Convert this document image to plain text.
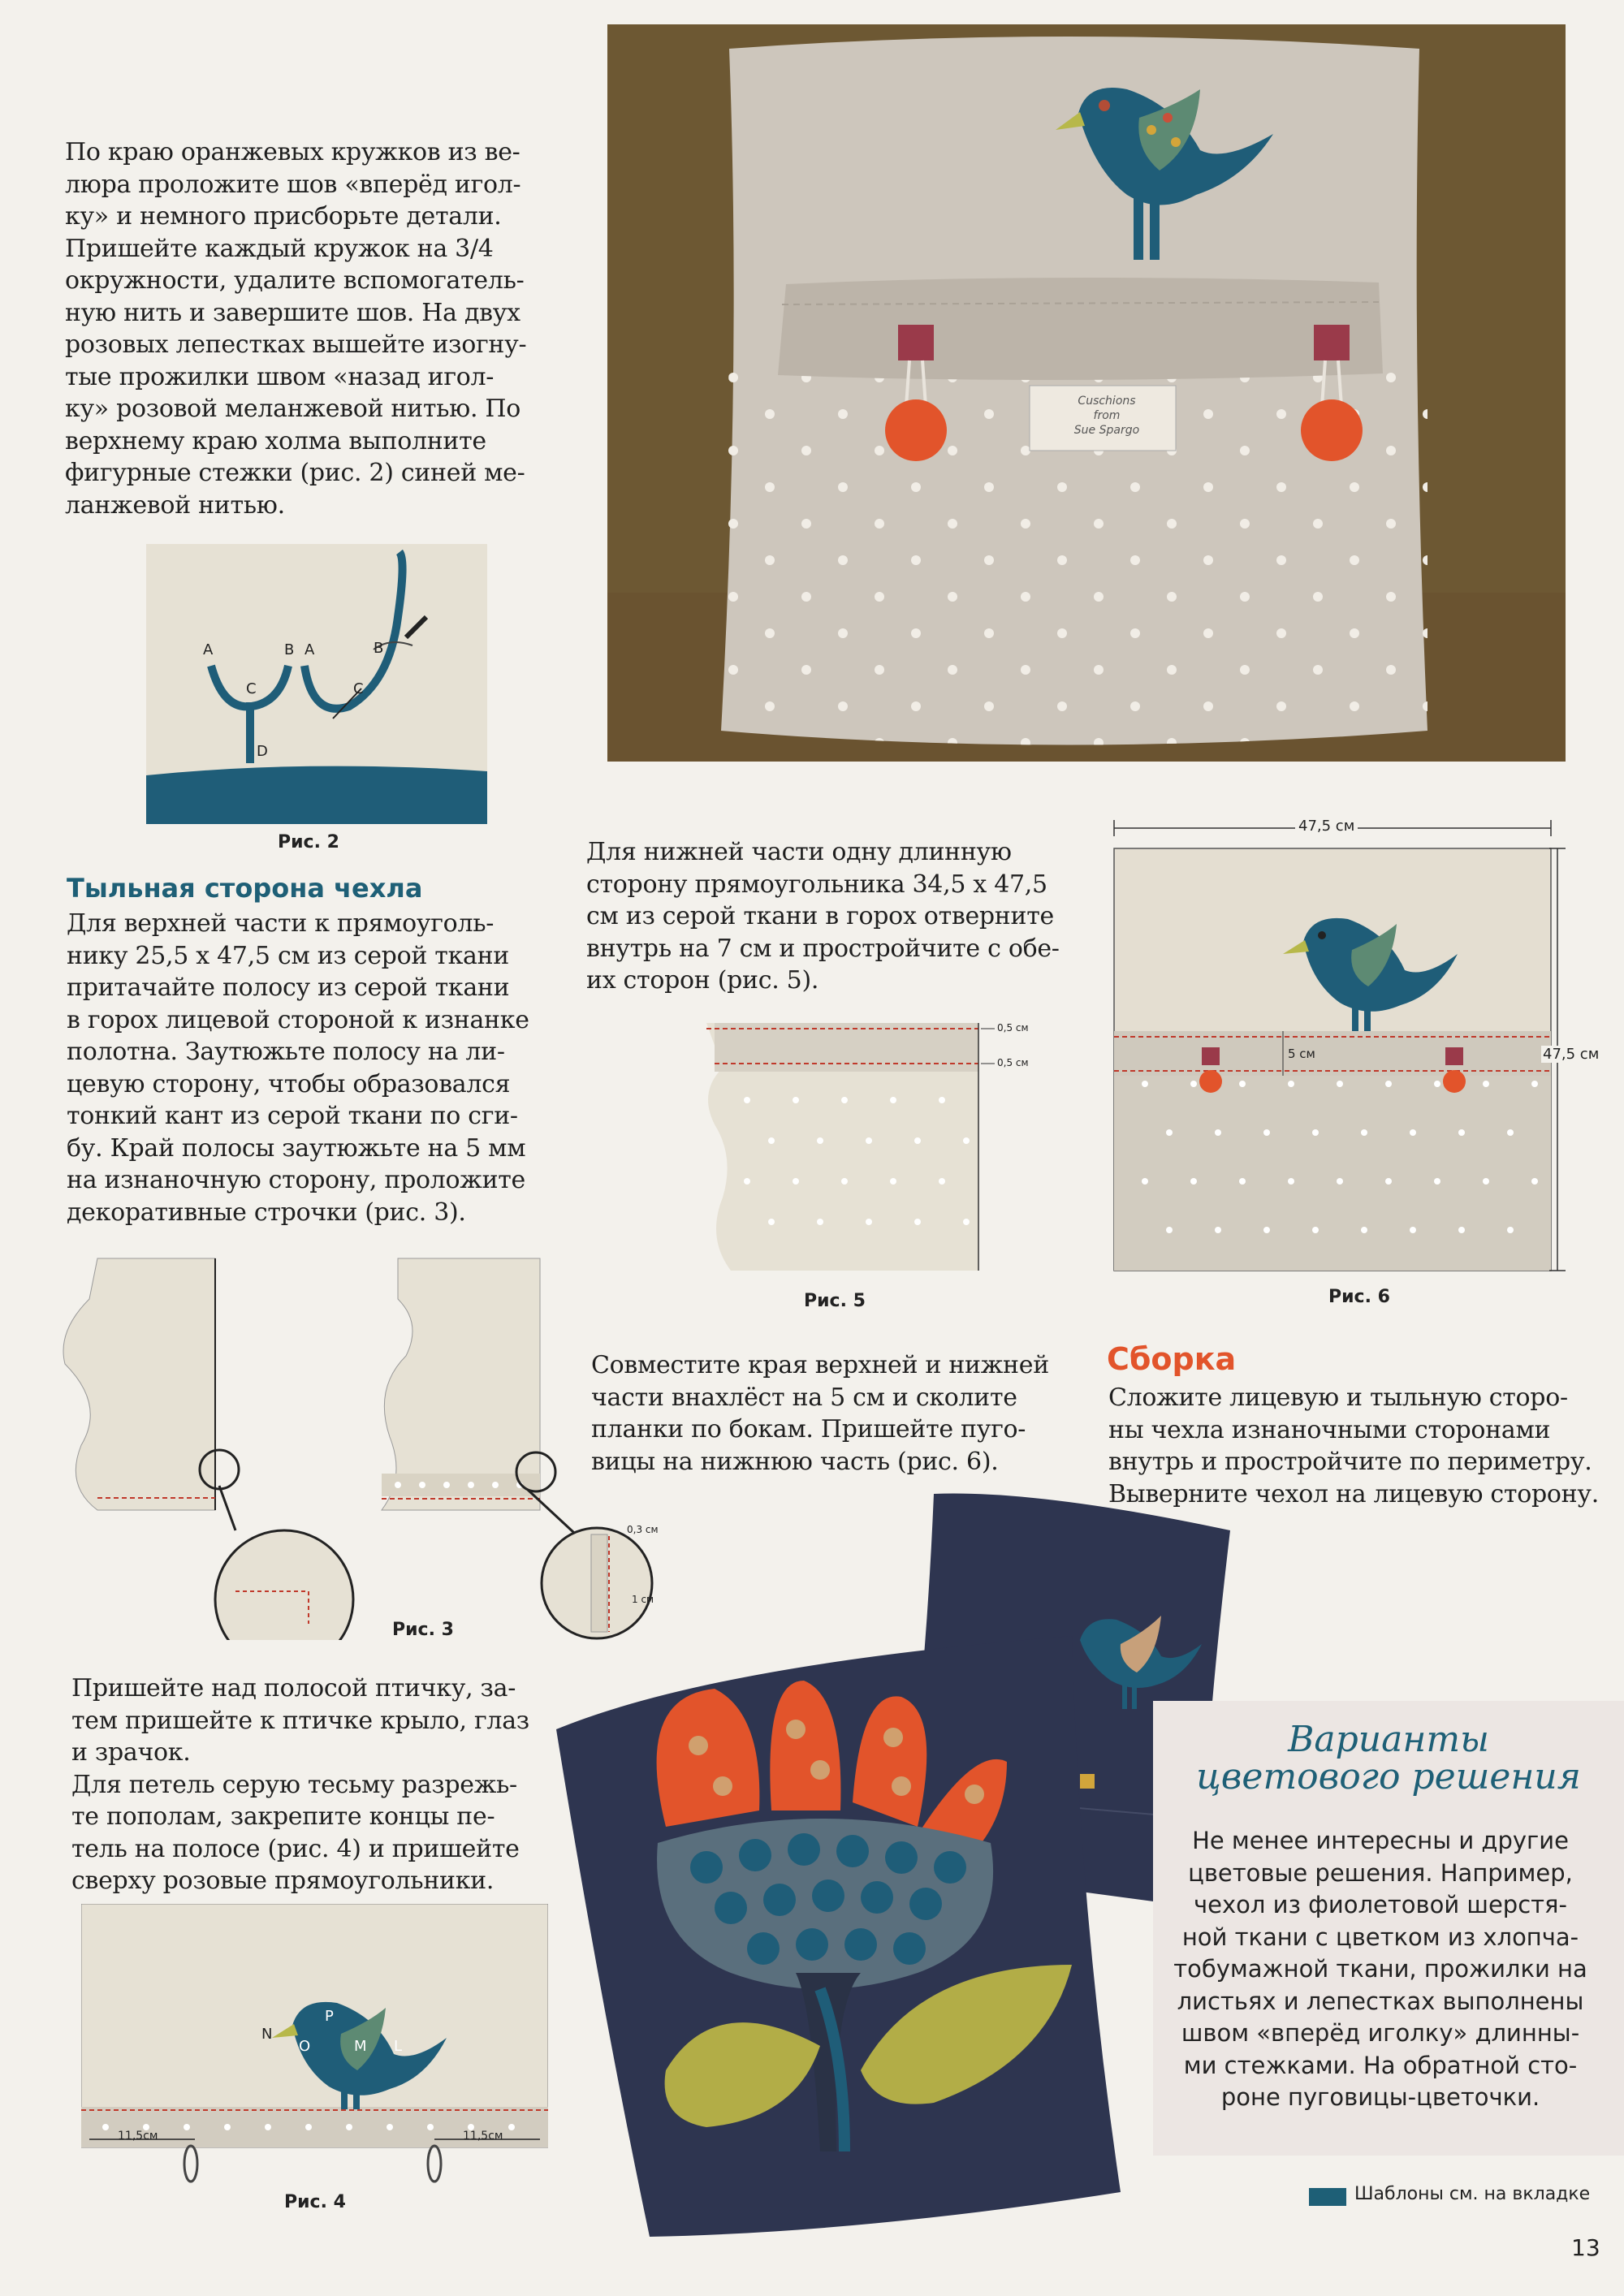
Cuschions
from
Sue Spargo
По краю оранжевых кружков из ве-
люра проложите шов «вперёд игол-
ку» и немного присборьте детали.
Пришейте каждый кружок на 3/4
окружности, удалите вспомогатель-
ную нить и завершите шов. На двух
розовых лепестках вышейте изогну-
тые прожилки швом «назад игол-
ку» розовой меланжевой нитью. По
верхнему краю холма выполните
фигурные стежки (рис. 2) синей ме-
ланжевой нитью.
A	B A	B
C	C
D
Рис. 2
Тыльная сторона чехла
Для верхней части к прямоуголь-
нику 25,5 х 47,5 см из серой ткани
притачайте полосу из серой ткани
в горох лицевой стороной к изнанке
полотна. Заутюжьте полосу на ли-
цевую сторону, чтобы образовался
тонкий кант из серой ткани по сги-
бу. Край полосы заутюжьте на 5 мм
на изнаночную сторону, проложите
декоративные строчки (рис. 3).
0,3 см
1 см
Рис. 3
Пришейте над полосой птичку, за-
тем пришейте к птичке крыло, глаз
и зрачок.
Для петель серую тесьму разрежь-
те пополам, закрепите концы пе-
тель на полосе (рис. 4) и пришейте
сверху розовые прямоугольники.
11,5см	11,5см
N
O
P
M L
Рис. 4
Для нижней части одну длинную
сторону прямоугольника 34,5 х 47,5
см из серой ткани в горох отверните
внутрь на 7 см и простройчите с обе-
их сторон (рис. 5).
0,5 см
0,5 см
Рис. 5
Совместите края верхней и нижней
части внахлёст на 5 см и сколите
планки по бокам. Пришейте пуго-
вицы на нижнюю часть (рис. 6).
47,5 см
47,5 см
5 см
Рис. 6
Сборка
Сложите лицевую и тыльную сторо-
ны чехла изнаночными сторонами
внутрь и простройчите по периметру.
Выверните чехол на лицевую сторону.
Варианты
цветового решения
Не менее интересны и другие
цветовые решения. Например,
чехол из фиолетовой шерстя-
ной ткани с цветком из хлопча-
тобумажной ткани, прожилки на
листьях и лепестках выполнены
швом «вперёд иголку» длинны-
ми стежками. На обратной сто-
роне пуговицы-цветочки.
Шаблоны см. на вкладке
13
